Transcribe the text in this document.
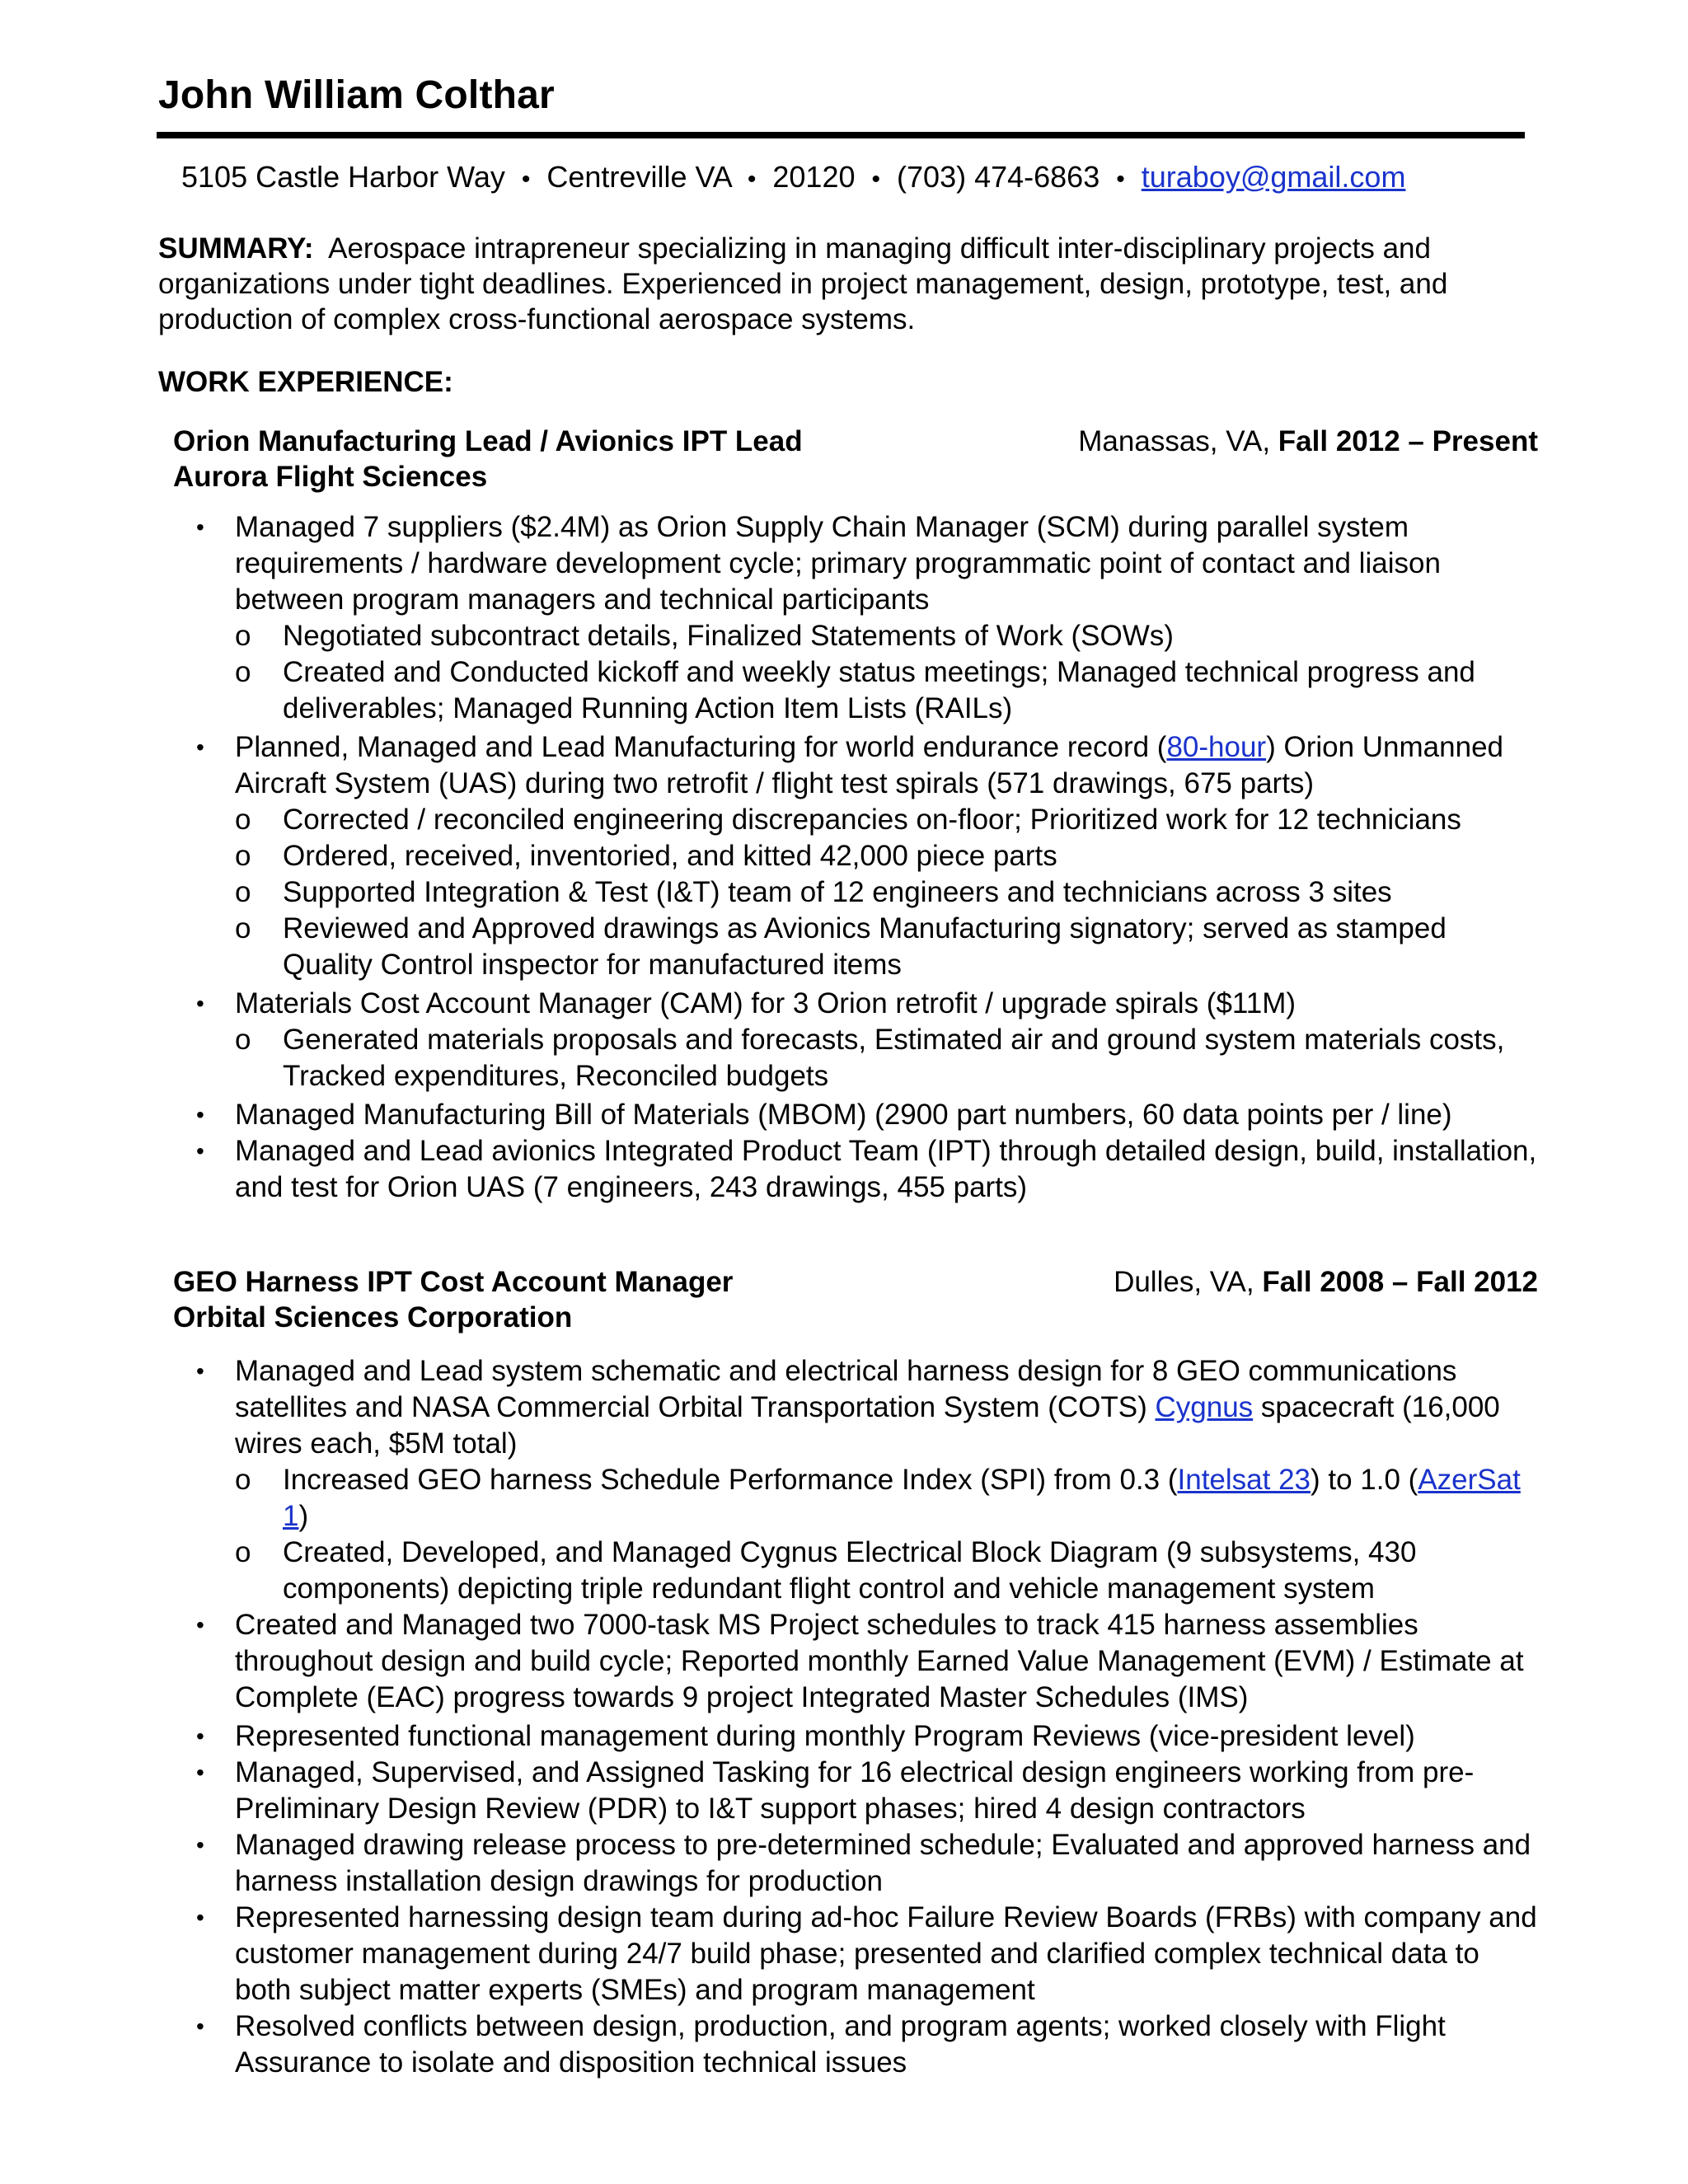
John William Colthar
5105 Castle Harbor Way • Centreville VA • 20120 • (703) 474-6863 • turaboy@gmail.com
SUMMARY: Aerospace intrapreneur specializing in managing difficult inter-disciplinary projects and organizations under tight deadlines. Experienced in project management, design, prototype, test, and production of complex cross-functional aerospace systems.
WORK EXPERIENCE:
Orion Manufacturing Lead / Avionics IPT Lead
Aurora Flight Sciences
Manassas, VA, Fall 2012 – Present
• Managed 7 suppliers ($2.4M) as Orion Supply Chain Manager (SCM) during parallel system requirements / hardware development cycle; primary programmatic point of contact and liaison between program managers and technical participants
o Negotiated subcontract details, Finalized Statements of Work (SOWs)
o Created and Conducted kickoff and weekly status meetings; Managed technical progress and deliverables; Managed Running Action Item Lists (RAILs)
• Planned, Managed and Lead Manufacturing for world endurance record (80-hour) Orion Unmanned Aircraft System (UAS) during two retrofit / flight test spirals (571 drawings, 675 parts)
o Corrected / reconciled engineering discrepancies on-floor; Prioritized work for 12 technicians
o Ordered, received, inventoried, and kitted 42,000 piece parts
o Supported Integration & Test (I&T) team of 12 engineers and technicians across 3 sites
o Reviewed and Approved drawings as Avionics Manufacturing signatory; served as stamped Quality Control inspector for manufactured items
• Materials Cost Account Manager (CAM) for 3 Orion retrofit / upgrade spirals ($11M)
o Generated materials proposals and forecasts, Estimated air and ground system materials costs, Tracked expenditures, Reconciled budgets
• Managed Manufacturing Bill of Materials (MBOM) (2900 part numbers, 60 data points per / line)
• Managed and Lead avionics Integrated Product Team (IPT) through detailed design, build, installation, and test for Orion UAS (7 engineers, 243 drawings, 455 parts)
GEO Harness IPT Cost Account Manager
Orbital Sciences Corporation
Dulles, VA, Fall 2008 – Fall 2012
• Managed and Lead system schematic and electrical harness design for 8 GEO communications satellites and NASA Commercial Orbital Transportation System (COTS) Cygnus spacecraft (16,000 wires each, $5M total)
o Increased GEO harness Schedule Performance Index (SPI) from 0.3 (Intelsat 23) to 1.0 (AzerSat 1)
o Created, Developed, and Managed Cygnus Electrical Block Diagram (9 subsystems, 430 components) depicting triple redundant flight control and vehicle management system
• Created and Managed two 7000-task MS Project schedules to track 415 harness assemblies throughout design and build cycle; Reported monthly Earned Value Management (EVM) / Estimate at Complete (EAC) progress towards 9 project Integrated Master Schedules (IMS)
• Represented functional management during monthly Program Reviews (vice-president level)
• Managed, Supervised, and Assigned Tasking for 16 electrical design engineers working from pre-Preliminary Design Review (PDR) to I&T support phases; hired 4 design contractors
• Managed drawing release process to pre-determined schedule; Evaluated and approved harness and harness installation design drawings for production
• Represented harnessing design team during ad-hoc Failure Review Boards (FRBs) with company and customer management during 24/7 build phase; presented and clarified complex technical data to both subject matter experts (SMEs) and program management
• Resolved conflicts between design, production, and program agents; worked closely with Flight Assurance to isolate and disposition technical issues
